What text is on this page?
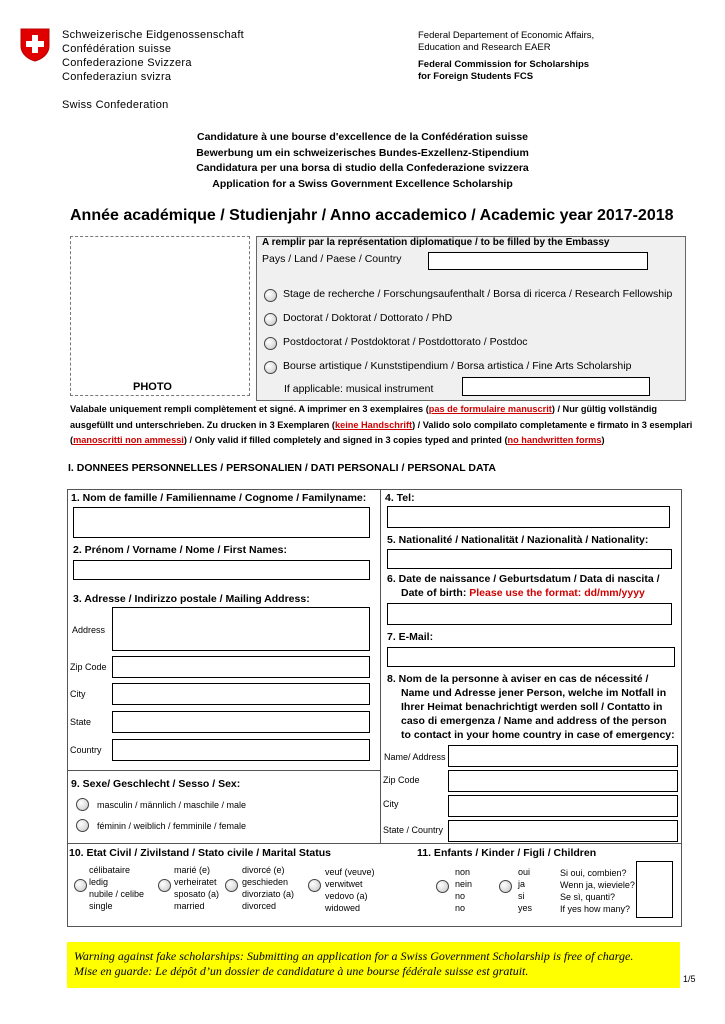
Schweizerische Eidgenossenschaft
Confédération suisse
Confederazione Svizzera
Confederaziun svizra
Swiss Confederation
Federal Departement of Economic Affairs,
Education and Research EAER
Federal Commission for Scholarships
for Foreign Students FCS
Candidature à une bourse d'excellence de la Confédération suisse
Bewerbung um ein schweizerisches Bundes-Exzellenz-Stipendium
Candidatura per una borsa di studio della Confederazione svizzera
Application for a Swiss Government Excellence Scholarship
Année académique / Studienjahr / Anno accademico / Academic year 2017-2018
PHOTO
A remplir par la représentation diplomatique / to be filled by the Embassy
Pays / Land / Paese / Country
Stage de recherche / Forschungsaufenthalt / Borsa di ricerca / Research Fellowship
Doctorat / Doktorat / Dottorato / PhD
Postdoctorat / Postdoktorat / Postdottorato / Postdoc
Bourse artistique / Kunststipendium / Borsa artistica / Fine Arts Scholarship
If applicable: musical instrument
Valabale uniquement rempli complètement et signé. A imprimer en 3 exemplaires (pas de formulaire manuscrit) / Nur gültig vollständig ausgefüllt und unterschrieben. Zu drucken in 3 Exemplaren (keine Handschrift) / Valido solo compilato completamente e firmato in 3 esemplari (manoscritti non ammessi) / Only valid if filled completely and signed in 3 copies typed and printed (no handwritten forms)
I. DONNEES PERSONNELLES / PERSONALIEN / DATI PERSONALI / PERSONAL DATA
1. Nom de famille / Familienname / Cognome / Familyname:
2. Prénom / Vorname / Nome / First Names:
3. Adresse / Indirizzo postale / Mailing Address:
Address
Zip Code
City
State
Country
9. Sexe/ Geschlecht / Sesso / Sex:
masculin / männlich / maschile / male
féminin / weiblich / femminile / female
4. Tel:
5. Nationalité / Nationalität / Nazionalità / Nationality:
6. Date de naissance / Geburtsdatum / Data di nascita /
Date of birth: Please use the format: dd/mm/yyyy
7. E-Mail:
8. Nom de la personne à aviser en cas de nécessité /
Name und Adresse jener Person, welche im Notfall in
Ihrer Heimat benachrichtigt werden soll / Contatto in
caso di emergenza / Name and address of the person
to contact in your home country in case of emergency:
Name/ Address
Zip Code
City
State / Country
10. Etat Civil / Zivilstand / Stato civile / Marital Status	11. Enfants / Kinder / Figli / Children
célibataire
ledig
nubile / celibe
single
marié (e)
verheiratet
sposato (a)
married
divorcé (e)
geschieden
divorziato (a)
divorced
veuf (veuve)
verwitwet
vedovo (a)
widowed
non
nein
no
no
oui
ja
si
yes
Si oui, combien?
Wenn ja, wieviele?
Se sì, quanti?
If yes how many?
Warning against fake scholarships: Submitting an application for a Swiss Government Scholarship is free of charge.
Mise en guarde: Le dépôt d’un dossier de candidature à une bourse fédérale suisse est gratuit.
1/5
